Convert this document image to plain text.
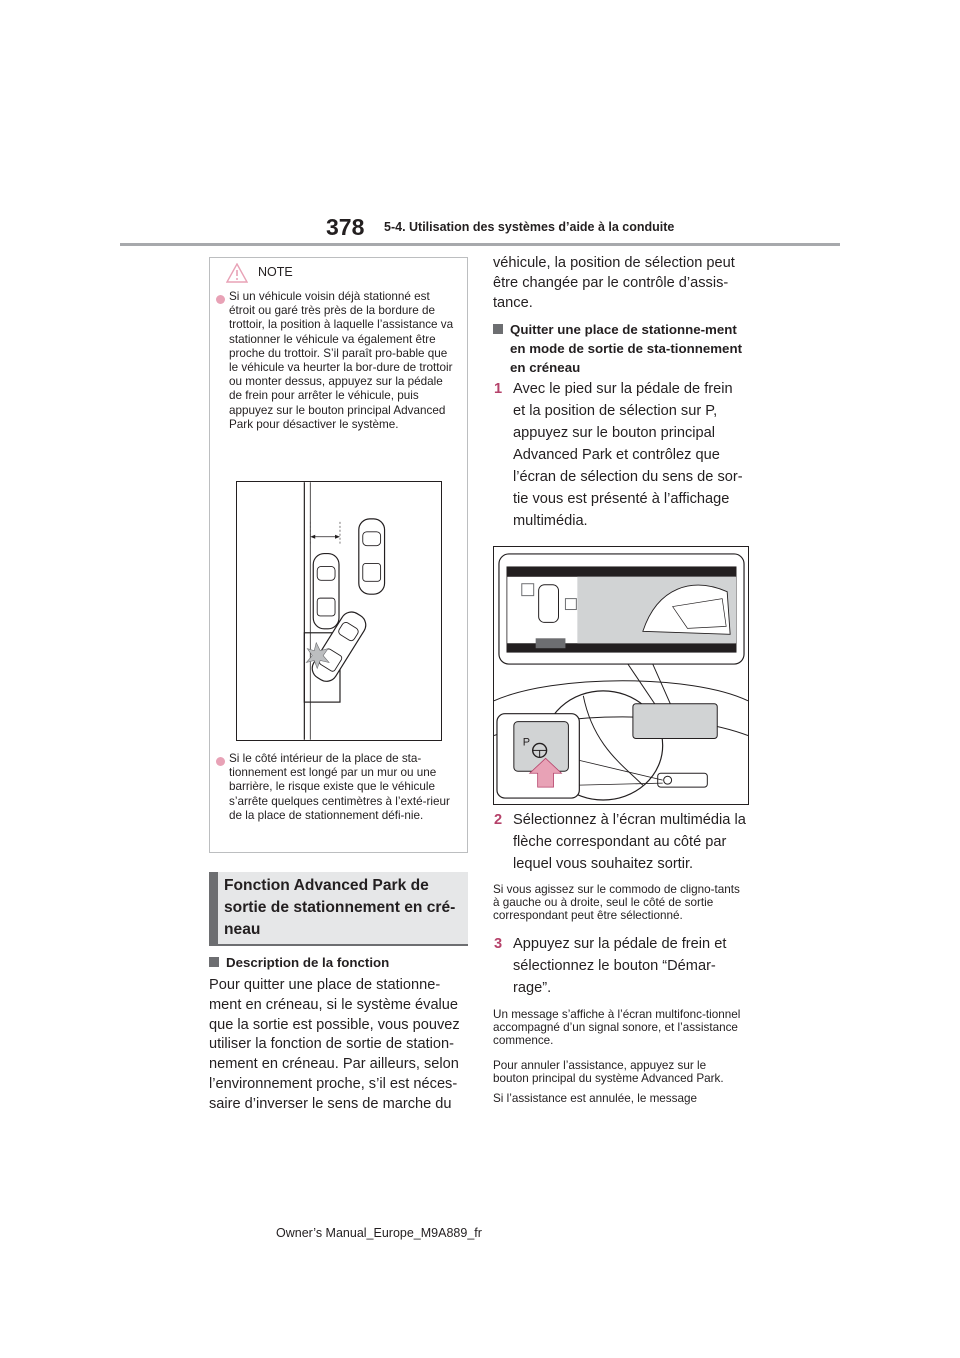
378 5-4. Utilisation des systèmes d’aide à la conduite
NOTE
Si un véhicule voisin déjà stationné est étroit ou garé très près de la bordure de trottoir, la position à laquelle l’assistance va stationner le véhicule va également être proche du trottoir. S’il paraît pro-bable que le véhicule va heurter la bor-dure de trottoir ou monter dessus, appuyez sur la pédale de frein pour arrêter le véhicule, puis appuyez sur le bouton principal Advanced Park pour désactiver le système.
Si le côté intérieur de la place de sta-tionnement est longé par un mur ou une barrière, le risque existe que le véhicule s’arrête quelques centimètres à l’exté-rieur de la place de stationnement défi-nie.
Fonction Advanced Park de sortie de stationnement en cré-neau
Description de la fonction
Pour quitter une place de stationne-ment en créneau, si le système évalue que la sortie est possible, vous pouvez utiliser la fonction de sortie de station-nement en créneau. Par ailleurs, selon l’environnement proche, s’il est néces-saire d’inverser le sens de marche du
véhicule, la position de sélection peut être changée par le contrôle d’assis-tance.
Quitter une place de stationne-ment en mode de sortie de sta-tionnement en créneau
1 Avec le pied sur la pédale de frein et la position de sélection sur P, appuyez sur le bouton principal Advanced Park et contrôlez que l’écran de sélection du sens de sor-tie vous est présenté à l’affichage multimédia.
P
2 Sélectionnez à l’écran multimédia la flèche correspondant au côté par lequel vous souhaitez sortir.
Si vous agissez sur le commodo de cligno-tants à gauche ou à droite, seul le côté de sortie correspondant peut être sélectionné.
3 Appuyez sur la pédale de frein et sélectionnez le bouton “Démar-rage”.
Un message s’affiche à l’écran multifonc-tionnel accompagné d’un signal sonore, et l’assistance commence.
Pour annuler l’assistance, appuyez sur le bouton principal du système Advanced Park.
Si l’assistance est annulée, le message
Owner’s Manual_Europe_M9A889_fr
